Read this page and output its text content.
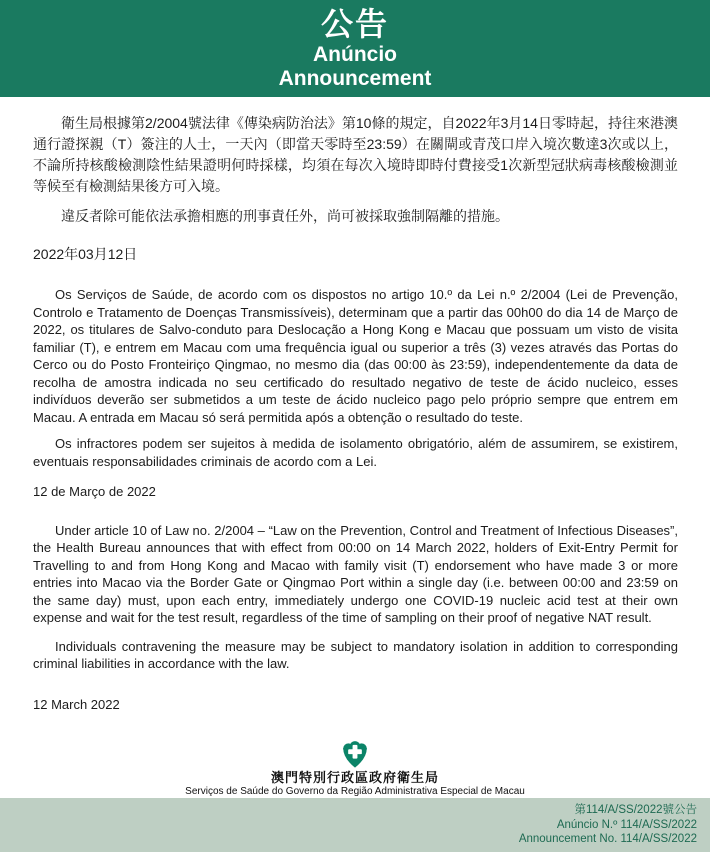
公告
Anúncio
Announcement

衛生局根據第2/2004號法律《傳染病防治法》第10條的規定，自2022年3月14日零時起，持往來港澳通行證探親（T）簽注的人士，一天內（即當天零時至23:59）在關閘或青茂口岸入境次數達3次或以上，不論所持核酸檢測陰性結果證明何時採樣，均須在每次入境時即時付費接受1次新型冠狀病毒核酸檢測並等候至有檢測結果後方可入境。

違反者除可能依法承擔相應的刑事責任外，尚可被採取強制隔離的措施。

2022年03月12日

Os Serviços de Saúde, de acordo com os dispostos no artigo 10.º da Lei n.º 2/2004 (Lei de Prevenção, Controlo e Tratamento de Doenças Transmissíveis), determinam que a partir das 00h00 do dia 14 de Março de 2022, os titulares de Salvo-conduto para Deslocação a Hong Kong e Macau que possuam um visto de visita familiar (T), e entrem em Macau com uma frequência igual ou superior a três (3) vezes através das Portas do Cerco ou do Posto Fronteiriço Qingmao, no mesmo dia (das 00:00 às 23:59), independentemente da data de recolha de amostra indicada no seu certificado do resultado negativo de teste de ácido nucleico, esses indivíduos deverão ser submetidos a um teste de ácido nucleico pago pelo próprio sempre que entrem em Macau. A entrada em Macau só será permitida após a obtenção o resultado do teste.

Os infractores podem ser sujeitos à medida de isolamento obrigatório, além de assumirem, se existirem, eventuais responsabilidades criminais de acordo com a Lei.

12 de Março de 2022

Under article 10 of Law no. 2/2004 – “Law on the Prevention, Control and Treatment of Infectious Diseases”, the Health Bureau announces that with effect from 00:00 on 14 March 2022, holders of Exit-Entry Permit for Travelling to and from Hong Kong and Macao with family visit (T) endorsement who have made 3 or more entries into Macao via the Border Gate or Qingmao Port within a single day (i.e. between 00:00 and 23:59 on the same day) must, upon each entry, immediately undergo one COVID-19 nucleic acid test at their own expense and wait for the test result, regardless of the time of sampling on their proof of negative NAT result.

Individuals contravening the measure may be subject to mandatory isolation in addition to corresponding criminal liabilities in accordance with the law.

12 March 2022

澳門特別行政區政府衛生局
Serviços de Saúde do Governo da Região Administrativa Especial de Macau
第114/A/SS/2022號公告
Anúncio N.º 114/A/SS/2022
Announcement No. 114/A/SS/2022
